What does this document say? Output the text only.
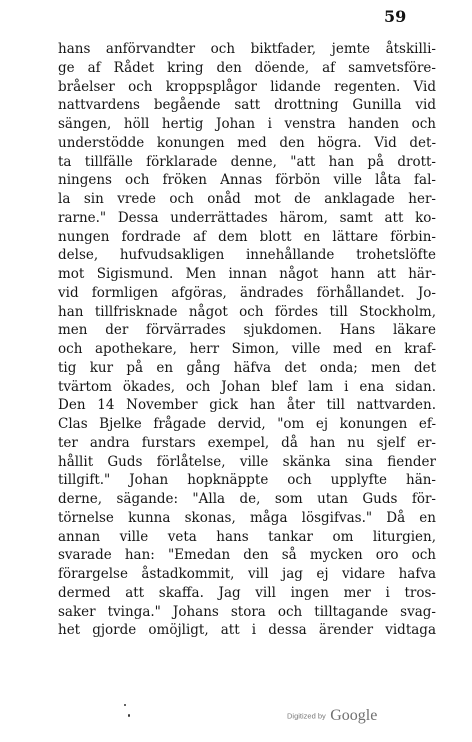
59
hans anförvandter och biktfader, jemte åtskilli-
ge af Rådet kring den döende, af samvetsföre-
bråelser och kroppsplågor lidande regenten. Vid
nattvardens begående satt drottning Gunilla vid
sängen, höll hertig Johan i venstra handen och
understödde konungen med den högra. Vid det-
ta tillfälle förklarade denne, "att han på drott-
ningens och fröken Annas förbön ville låta fal-
la sin vrede och onåd mot de anklagade her-
rarne." Dessa underrättades härom, samt att ko-
nungen fordrade af dem blott en lättare förbin-
delse, hufvudsakligen innehållande trohetslöfte
mot Sigismund. Men innan något hann att här-
vid formligen afgöras, ändrades förhållandet. Jo-
han tillfrisknade något och fördes till Stockholm,
men der förvärrades sjukdomen. Hans läkare
och apothekare, herr Simon, ville med en kraf-
tig kur på en gång häfva det onda; men det
tvärtom ökades, och Johan blef lam i ena sidan.
Den 14 November gick han åter till nattvarden.
Clas Bjelke frågade dervid, "om ej konungen ef-
ter andra furstars exempel, då han nu sjelf er-
hållit Guds förlåtelse, ville skänka sina fiender
tillgift." Johan hopknäppte och upplyfte hän-
derne, sägande: "Alla de, som utan Guds för-
törnelse kunna skonas, måga lösgifvas." Då en
annan ville veta hans tankar om liturgien,
svarade han: "Emedan den så mycken oro och
förargelse åstadkommit, vill jag ej vidare hafva
dermed att skaffa. Jag vill ingen mer i tros-
saker tvinga." Johans stora och tilltagande svag-
het gjorde omöjligt, att i dessa ärender vidtaga
Digitized by Google
